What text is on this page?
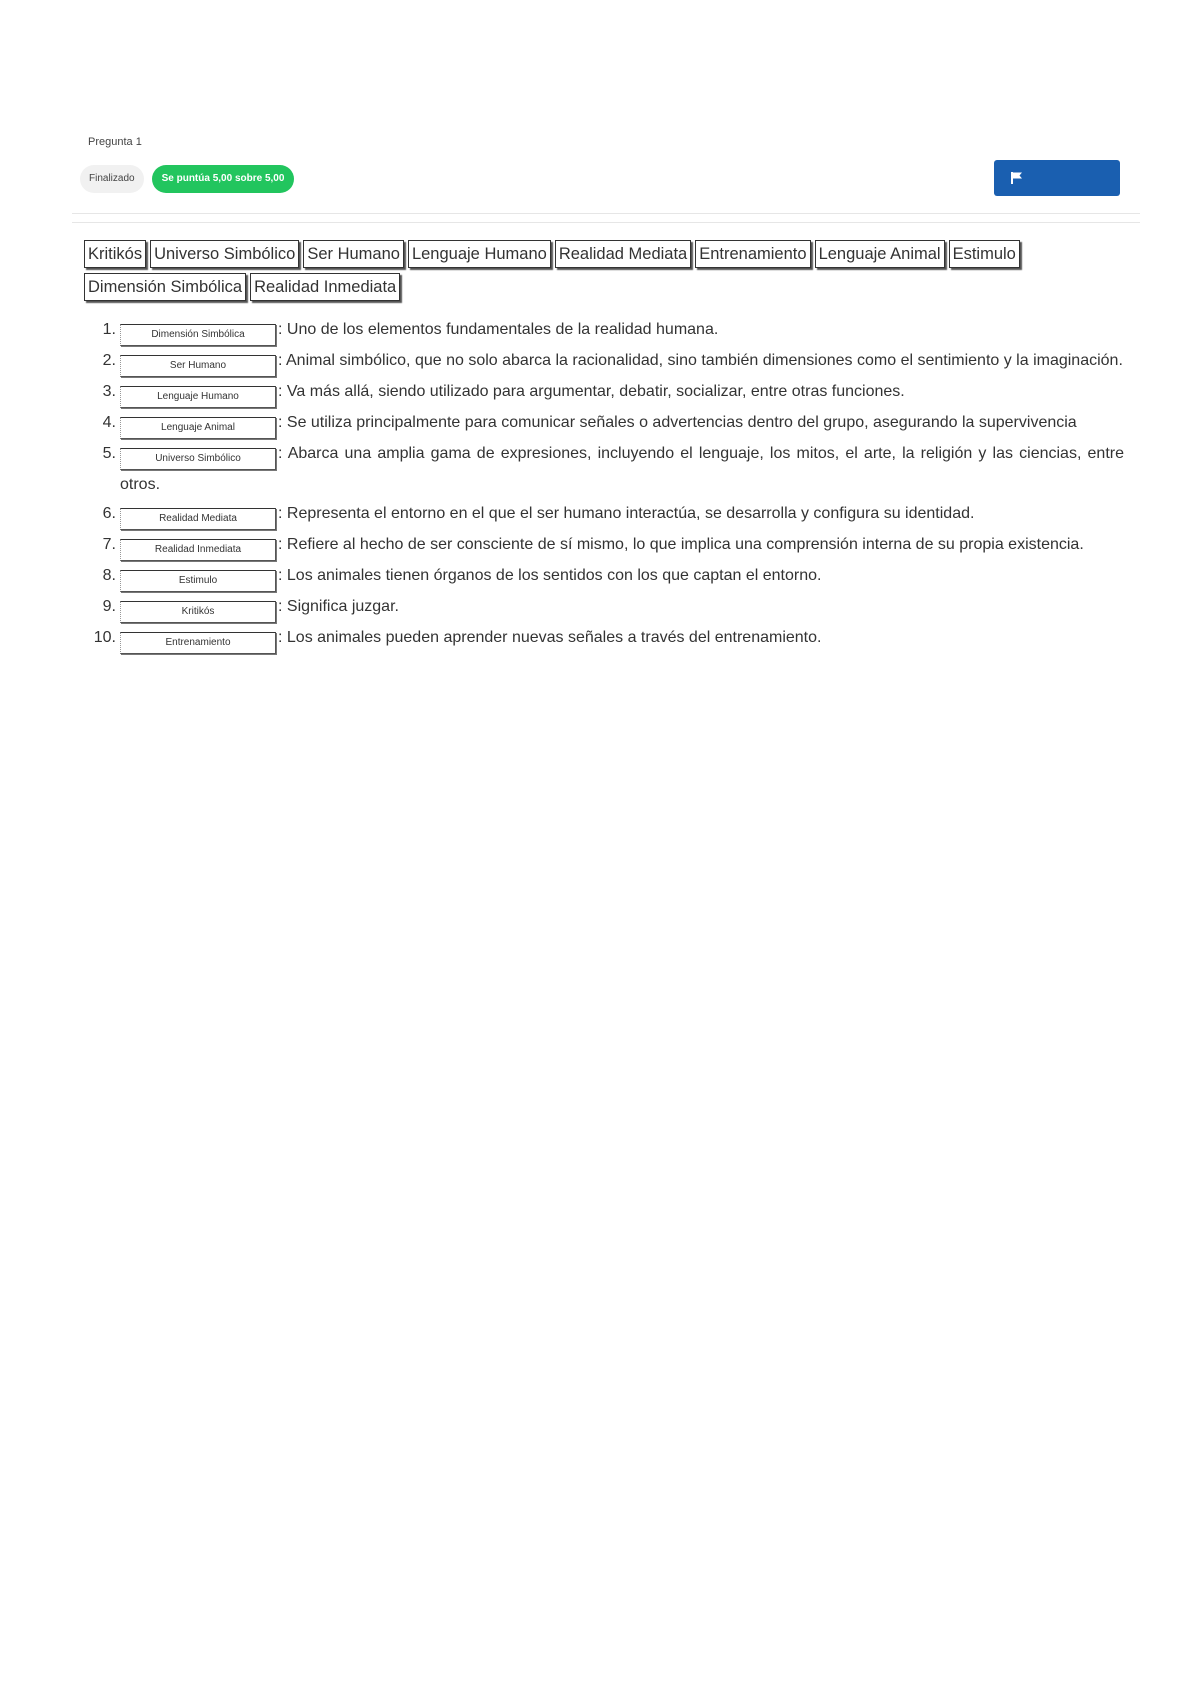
Pregunta 1
Finalizado	Se puntúa 5,00 sobre 5,00
Kritikós Universo Simbólico Ser Humano Lenguaje Humano Realidad Mediata Entrenamiento Lenguaje Animal Estimulo
Dimensión Simbólica Realidad Inmediata
1.	Dimensión Simbólica : Uno de los elementos fundamentales de la realidad humana.
2.	Ser Humano	: Animal simbólico, que no solo abarca la racionalidad, sino también dimensiones como el sentimiento y la imaginación.
3.	Lenguaje Humano : Va más allá, siendo utilizado para argumentar, debatir, socializar, entre otras funciones.
4.	Lenguaje Animal	: Se utiliza principalmente para comunicar señales o advertencias dentro del grupo, asegurando la supervivencia
5.	Universo Simbólico : Abarca una amplia gama de expresiones, incluyendo el lenguaje, los mitos, el arte, la religión y las ciencias, entre otros.
6.	Realidad Mediata	: Representa el entorno en el que el ser humano interactúa, se desarrolla y configura su identidad.
7.	Realidad Inmediata : Refiere al hecho de ser consciente de sí mismo, lo que implica una comprensión interna de su propia existencia.
8.	Estimulo	: Los animales tienen órganos de los sentidos con los que captan el entorno.
9.	Kritikós	: Significa juzgar.
10.	Entrenamiento	: Los animales pueden aprender nuevas señales a través del entrenamiento.
